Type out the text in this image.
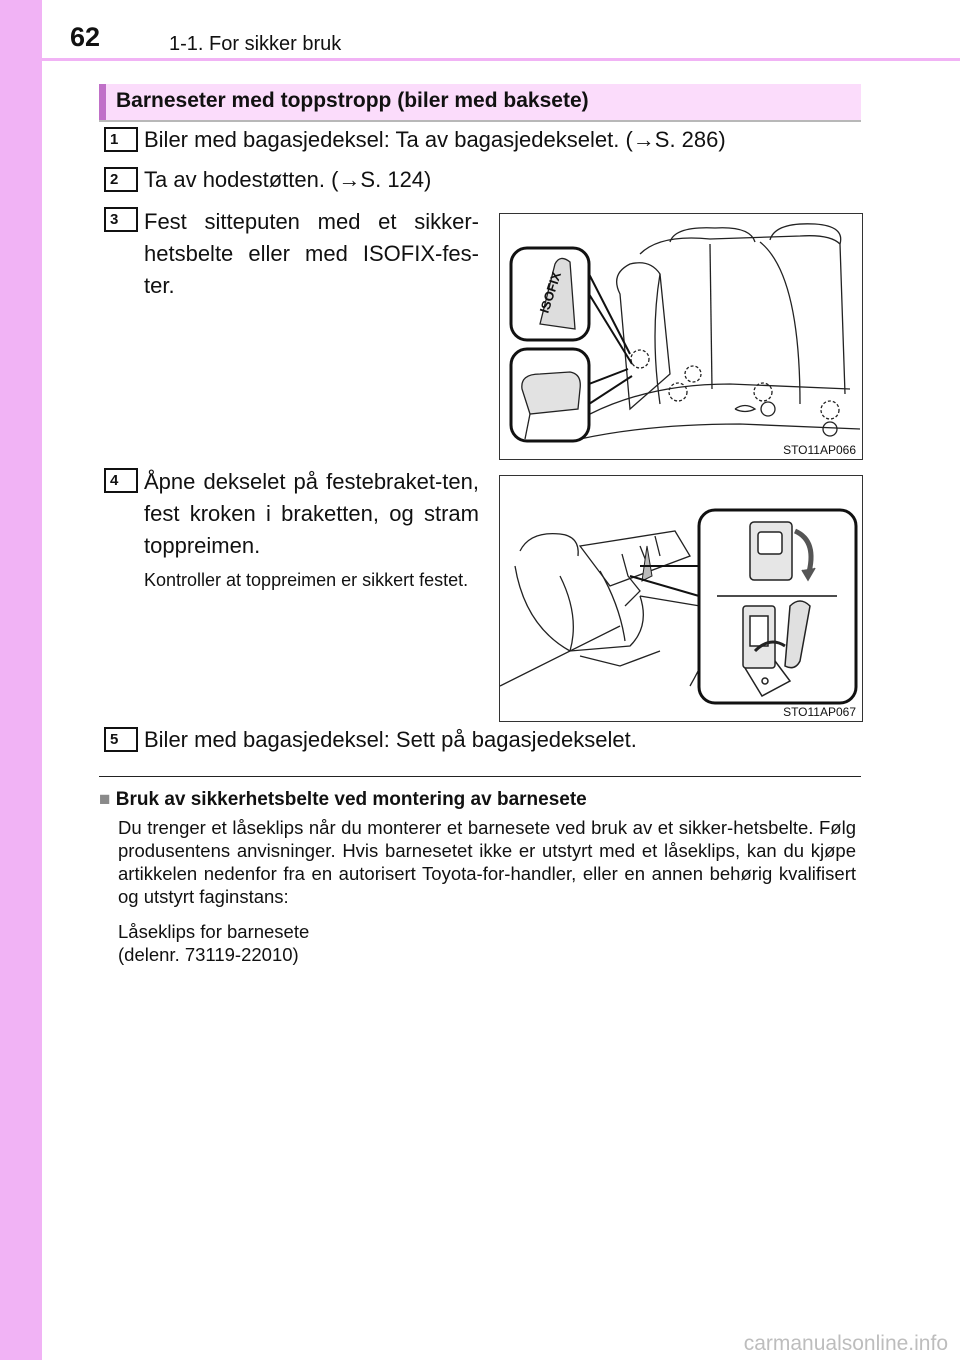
62	1-1. For sikker bruk
Barneseter med toppstropp (biler med baksete)
1	Biler med bagasjedeksel: Ta av bagasjedekselet. (→S. 286)
2	Ta av hodestøtten. (→S. 124)
3	Fest sitteputen med et sikker-hetsbelte eller med ISOFIX-fes-ter.	ISOFIX
STO11AP066
4	Åpne dekselet på festebraket-ten, fest kroken i braketten, og stram toppreimen.
Kontroller at toppreimen er sikkert festet.
STO11AP067
5	Biler med bagasjedeksel: Sett på bagasjedekselet.
■ Bruk av sikkerhetsbelte ved montering av barnesete

Du trenger et låseklips når du monterer et barnesete ved bruk av et sikker-hetsbelte. Følg produsentens anvisninger. Hvis barnesetet ikke er utstyrt med et låseklips, kan du kjøpe artikkelen nedenfor fra en autorisert Toyota-for-handler, eller en annen behørig kvalifisert og utstyrt faginstans:

Låseklips for barnesete
(delenr. 73119-22010)

carmanualsonline.info
